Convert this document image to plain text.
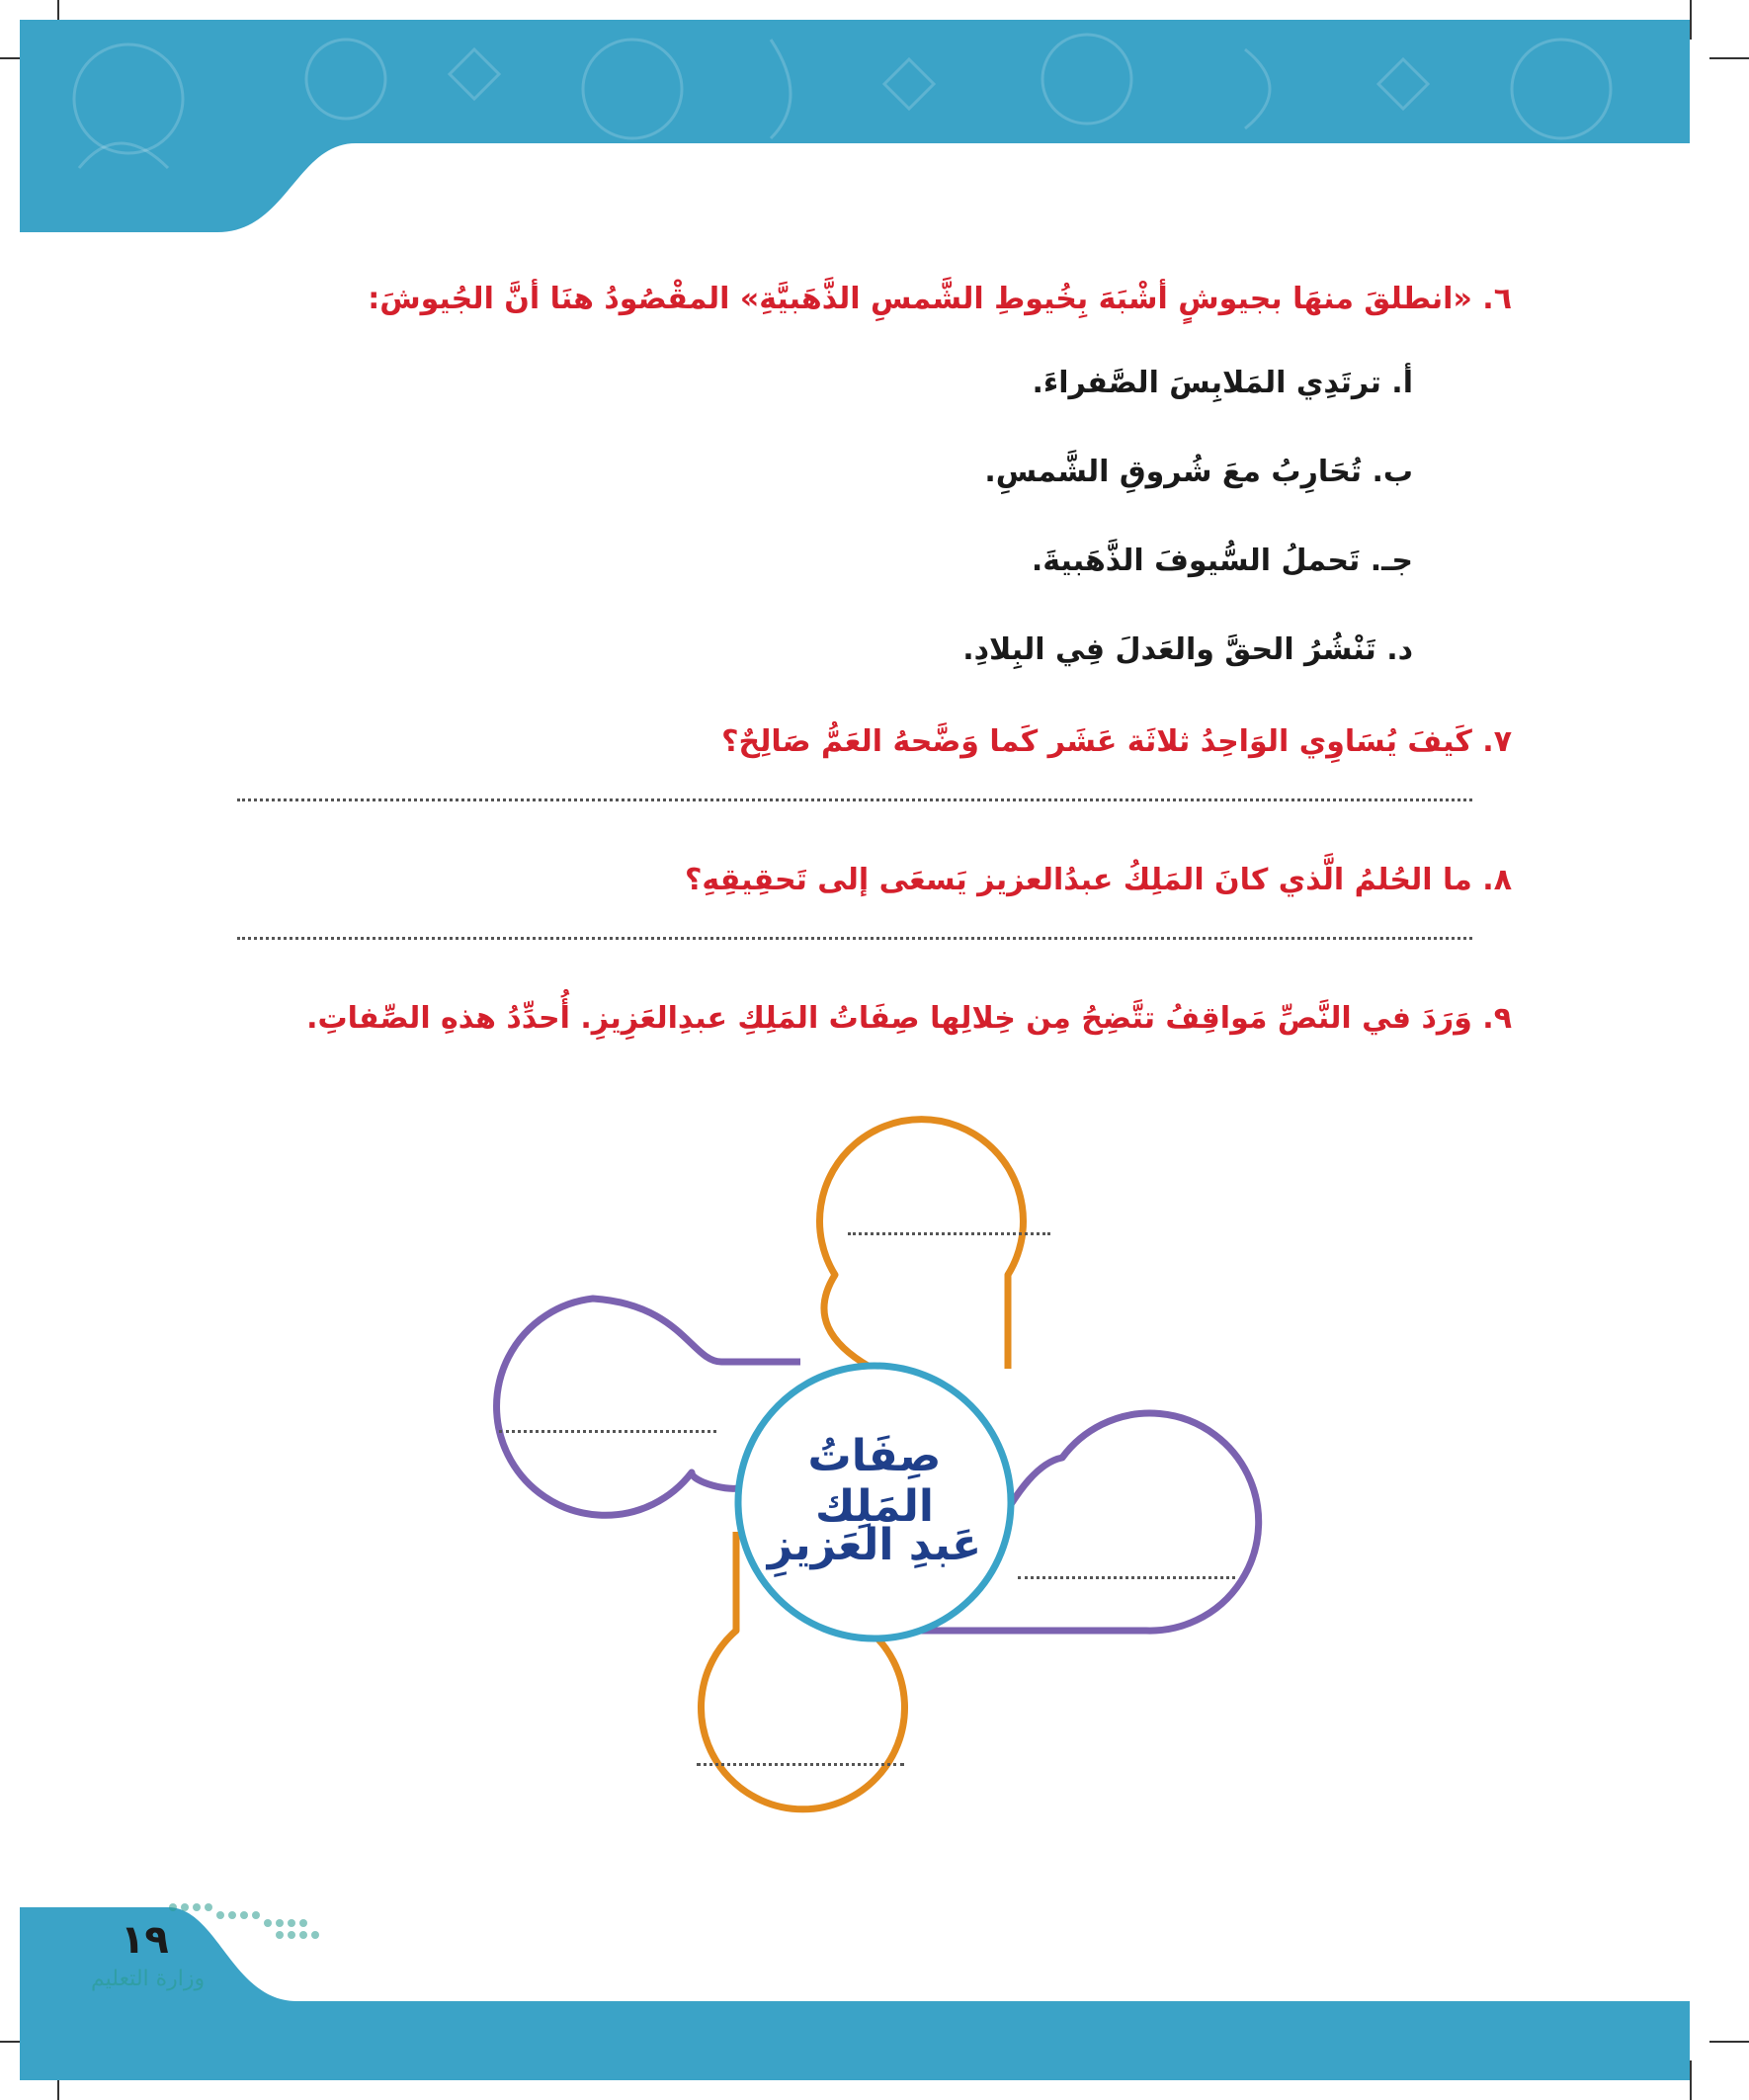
٦. «انطلقَ منهَا بجيوشٍ أشْبَهَ بِخُيوطِ الشَّمسِ الذَّهَبيَّةِ» المقْصُودُ هنَا أنَّ الجُيوشَ:

أ. ترتَدِي المَلابِسَ الصَّفراءَ.

ب. تُحَارِبُ معَ شُروقِ الشَّمسِ.

جـ. تَحملُ السُّيوفَ الذَّهَبيةَ.

د. تَنْشُرُ الحقَّ والعَدلَ فِي البِلادِ.

٧. كَيفَ يُسَاوِي الوَاحِدُ ثلاثَة عَشَر كَما وَضَّحهُ العَمُّ صَالِحٌ؟

٨. ما الحُلمُ الَّذي كانَ المَلِكُ عبدُالعزيز يَسعَى إلى تَحقِيقِهِ؟

٩. وَرَدَ في النَّصِّ مَواقِفُ تتَّضِحُ مِن خِلالِها صِفَاتُ المَلِكِ عبدِالعَزِيزِ. أُحدِّدُ هذهِ الصِّفاتِ.

صِفَاتُ المَلِك
عَبدِ العَزيزِ
وزارة التعليم
١٩
